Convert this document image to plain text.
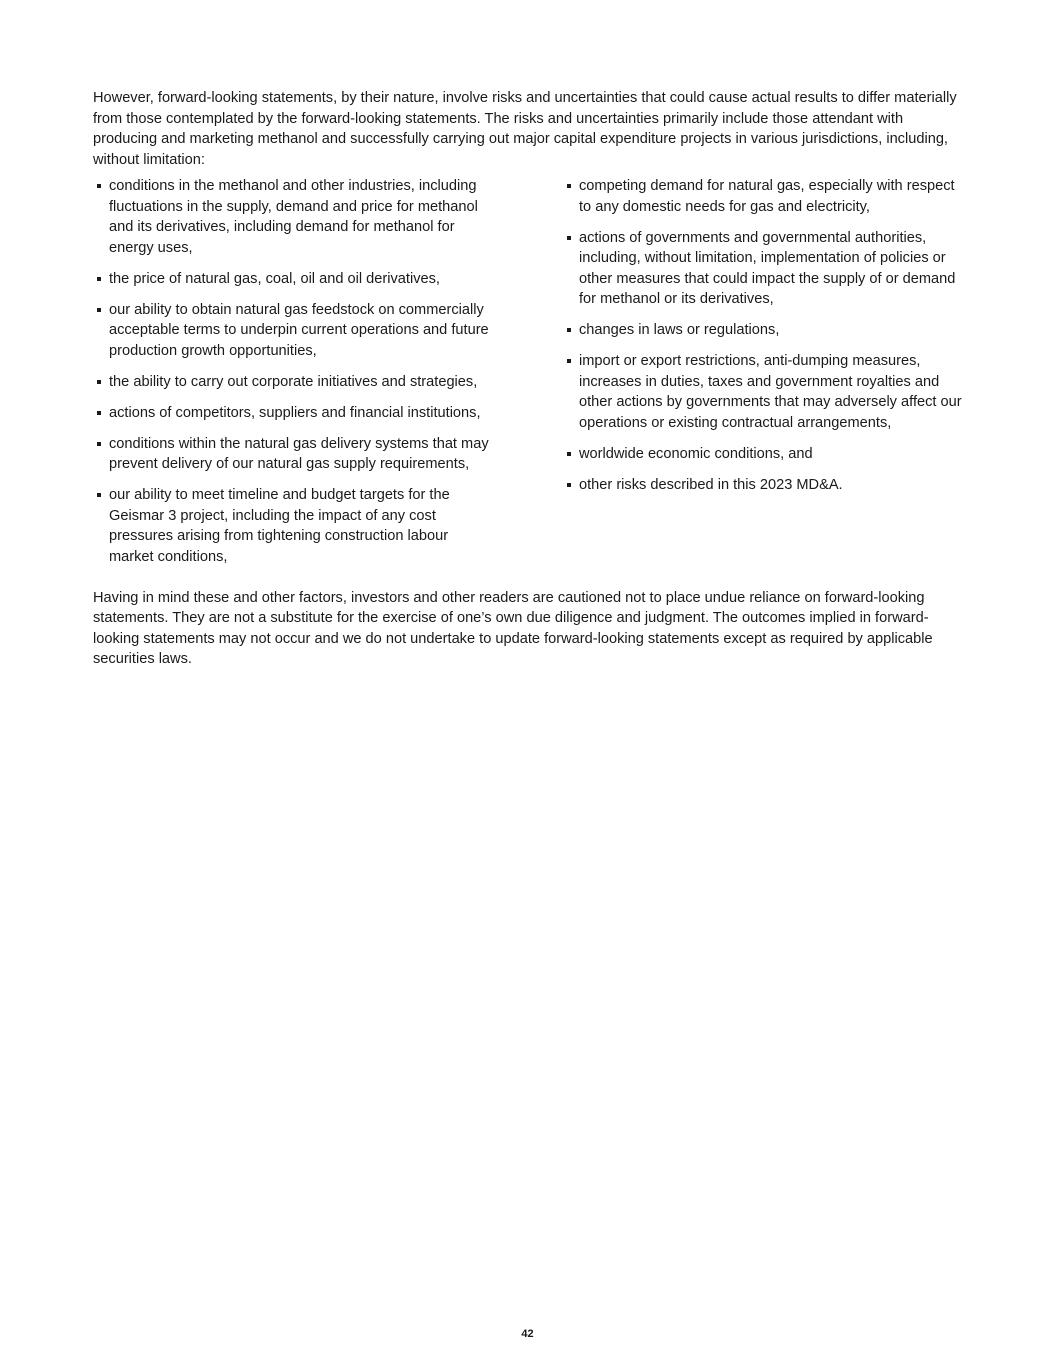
However, forward-looking statements, by their nature, involve risks and uncertainties that could cause actual results to differ materially from those contemplated by the forward-looking statements. The risks and uncertainties primarily include those attendant with producing and marketing methanol and successfully carrying out major capital expenditure projects in various jurisdictions, including, without limitation:

conditions in the methanol and other industries, including fluctuations in the supply, demand and price for methanol and its derivatives, including demand for methanol for energy uses,
the price of natural gas, coal, oil and oil derivatives,
our ability to obtain natural gas feedstock on commercially acceptable terms to underpin current operations and future production growth opportunities,
the ability to carry out corporate initiatives and strategies,
actions of competitors, suppliers and financial institutions,
conditions within the natural gas delivery systems that may prevent delivery of our natural gas supply requirements,
our ability to meet timeline and budget targets for the Geismar 3 project, including the impact of any cost pressures arising from tightening construction labour market conditions,
competing demand for natural gas, especially with respect to any domestic needs for gas and electricity,
actions of governments and governmental authorities, including, without limitation, implementation of policies or other measures that could impact the supply of or demand for methanol or its derivatives,
changes in laws or regulations,
import or export restrictions, anti-dumping measures, increases in duties, taxes and government royalties and other actions by governments that may adversely affect our operations or existing contractual arrangements,
worldwide economic conditions, and
other risks described in this 2023 MD&A.

Having in mind these and other factors, investors and other readers are cautioned not to place undue reliance on forward-looking statements. They are not a substitute for the exercise of one’s own due diligence and judgment. The outcomes implied in forward-looking statements may not occur and we do not undertake to update forward-looking statements except as required by applicable securities laws.

42
